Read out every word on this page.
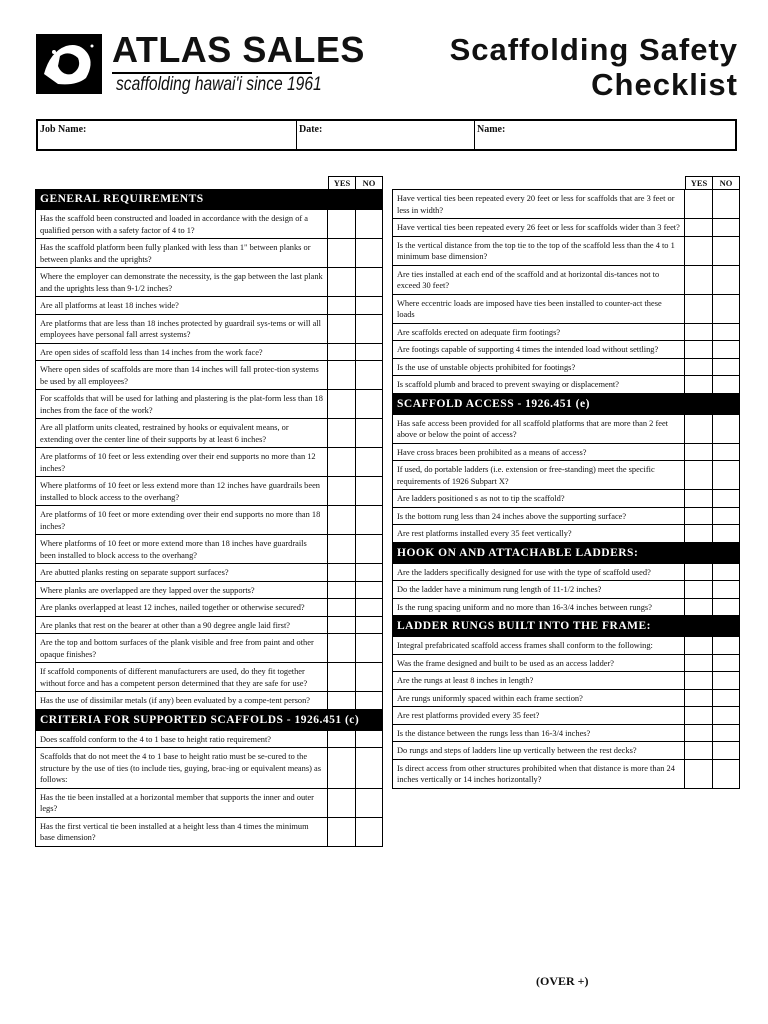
ATLAS SALES
scaffolding hawai'i since 1961
Scaffolding Safety
Checklist
Job Name:	Date:	Name:
YES	NO
GENERAL REQUIREMENTS
Has the scaffold been constructed and loaded in accordance with the design of a qualified person with a safety factor of 4 to 1?
Has the scaffold platform been fully planked with less than 1" between planks or between planks and the uprights?
Where the employer can demonstrate the necessity, is the gap between the last plank and the uprights less than 9-1/2 inches?
Are all platforms at least 18 inches wide?
Are platforms that are less than 18 inches protected by guardrail sys-tems or will all employees have personal fall arrest systems?
Are open sides of scaffold less than 14 inches from the work face?
Where open sides of scaffolds are more than 14 inches will fall protec-tion systems be used by all employees?
For scaffolds that will be used for lathing and plastering is the plat-form less than 18 inches from the face of the work?
Are all platform units cleated, restrained by hooks or equivalent means, or extending over the center line of their supports by at least 6 inches?
Are platforms of 10 feet or less extending over their end supports no more than 12 inches?
Where platforms of 10 feet or less extend more than 12 inches have guardrails been installed to block access to the overhang?
Are platforms of 10 feet or more extending over their end supports no more than 18 inches?
Where platforms of 10 feet or more extend more than 18 inches have guardrails been installed to block access to the overhang?
Are abutted planks resting on separate support surfaces?
Where planks are overlapped are they lapped over the supports?
Are planks overlapped at least 12 inches, nailed together or otherwise secured?
Are planks that rest on the bearer at other than a 90 degree angle laid first?
Are the top and bottom surfaces of the plank visible and free from paint and other opaque finishes?
If scaffold components of different manufacturers are used, do they fit together without force and has a competent person determined that they are safe for use?
Has the use of dissimilar metals (if any) been evaluated by a compe-tent person?
CRITERIA FOR SUPPORTED SCAFFOLDS - 1926.451 (c)
Does scaffold conform to the 4 to 1 base to height ratio requirement?
Scaffolds that do not meet the 4 to 1 base to height ratio must be se-cured to the structure by the use of ties (to include ties, guying, brac-ing or equivalent means) as follows:
Has the tie been installed at a horizontal member that supports the inner and outer legs?
Has the first vertical tie been installed at a height less than 4 times the minimum base dimension?
YES	NO
Have vertical ties been repeated every 20 feet or less for scaffolds that are 3 feet or less in width?
Have vertical ties been repeated every 26 feet or less for scaffolds wider than 3 feet?
Is the vertical distance from the top tie to the top of the scaffold less than the 4 to 1 minimum base dimension?
Are ties installed at each end of the scaffold and at horizontal dis-tances not to exceed 30 feet?
Where eccentric loads are imposed have ties been installed to counter-act these loads
Are scaffolds erected on adequate firm footings?
Are footings capable of supporting 4 times the intended load without settling?
Is the use of unstable objects prohibited for footings?
Is scaffold plumb and braced to prevent swaying or displacement?
SCAFFOLD ACCESS - 1926.451 (e)
Has safe access been provided for all scaffold platforms that are more than 2 feet above or below the point of access?
Have cross braces been prohibited as a means of access?
If used, do portable ladders (i.e. extension or free-standing) meet the specific requirements of 1926 Subpart X?
Are ladders positioned s as not to tip the scaffold?
Is the bottom rung less than 24 inches above the supporting surface?
Are rest platforms installed every 35 feet vertically?
HOOK ON AND ATTACHABLE LADDERS:
Are the ladders specifically designed for use with the type of scaffold used?
Do the ladder have a minimum rung length of 11-1/2 inches?
Is the rung spacing uniform and no more than 16-3/4 inches between rungs?
LADDER RUNGS BUILT INTO THE FRAME:
Integral prefabricated scaffold access frames shall conform to the following:
Was the frame designed and built to be used as an access ladder?
Are the rungs at least 8 inches in length?
Are rungs uniformly spaced within each frame section?
Are rest platforms provided every 35 feet?
Is the distance between the rungs less than 16-3/4 inches?
Do rungs and steps of ladders line up vertically between the rest decks?
Is direct access from other structures prohibited when that distance is more than 24 inches vertically or 14 inches horizontally?
(OVER +)
